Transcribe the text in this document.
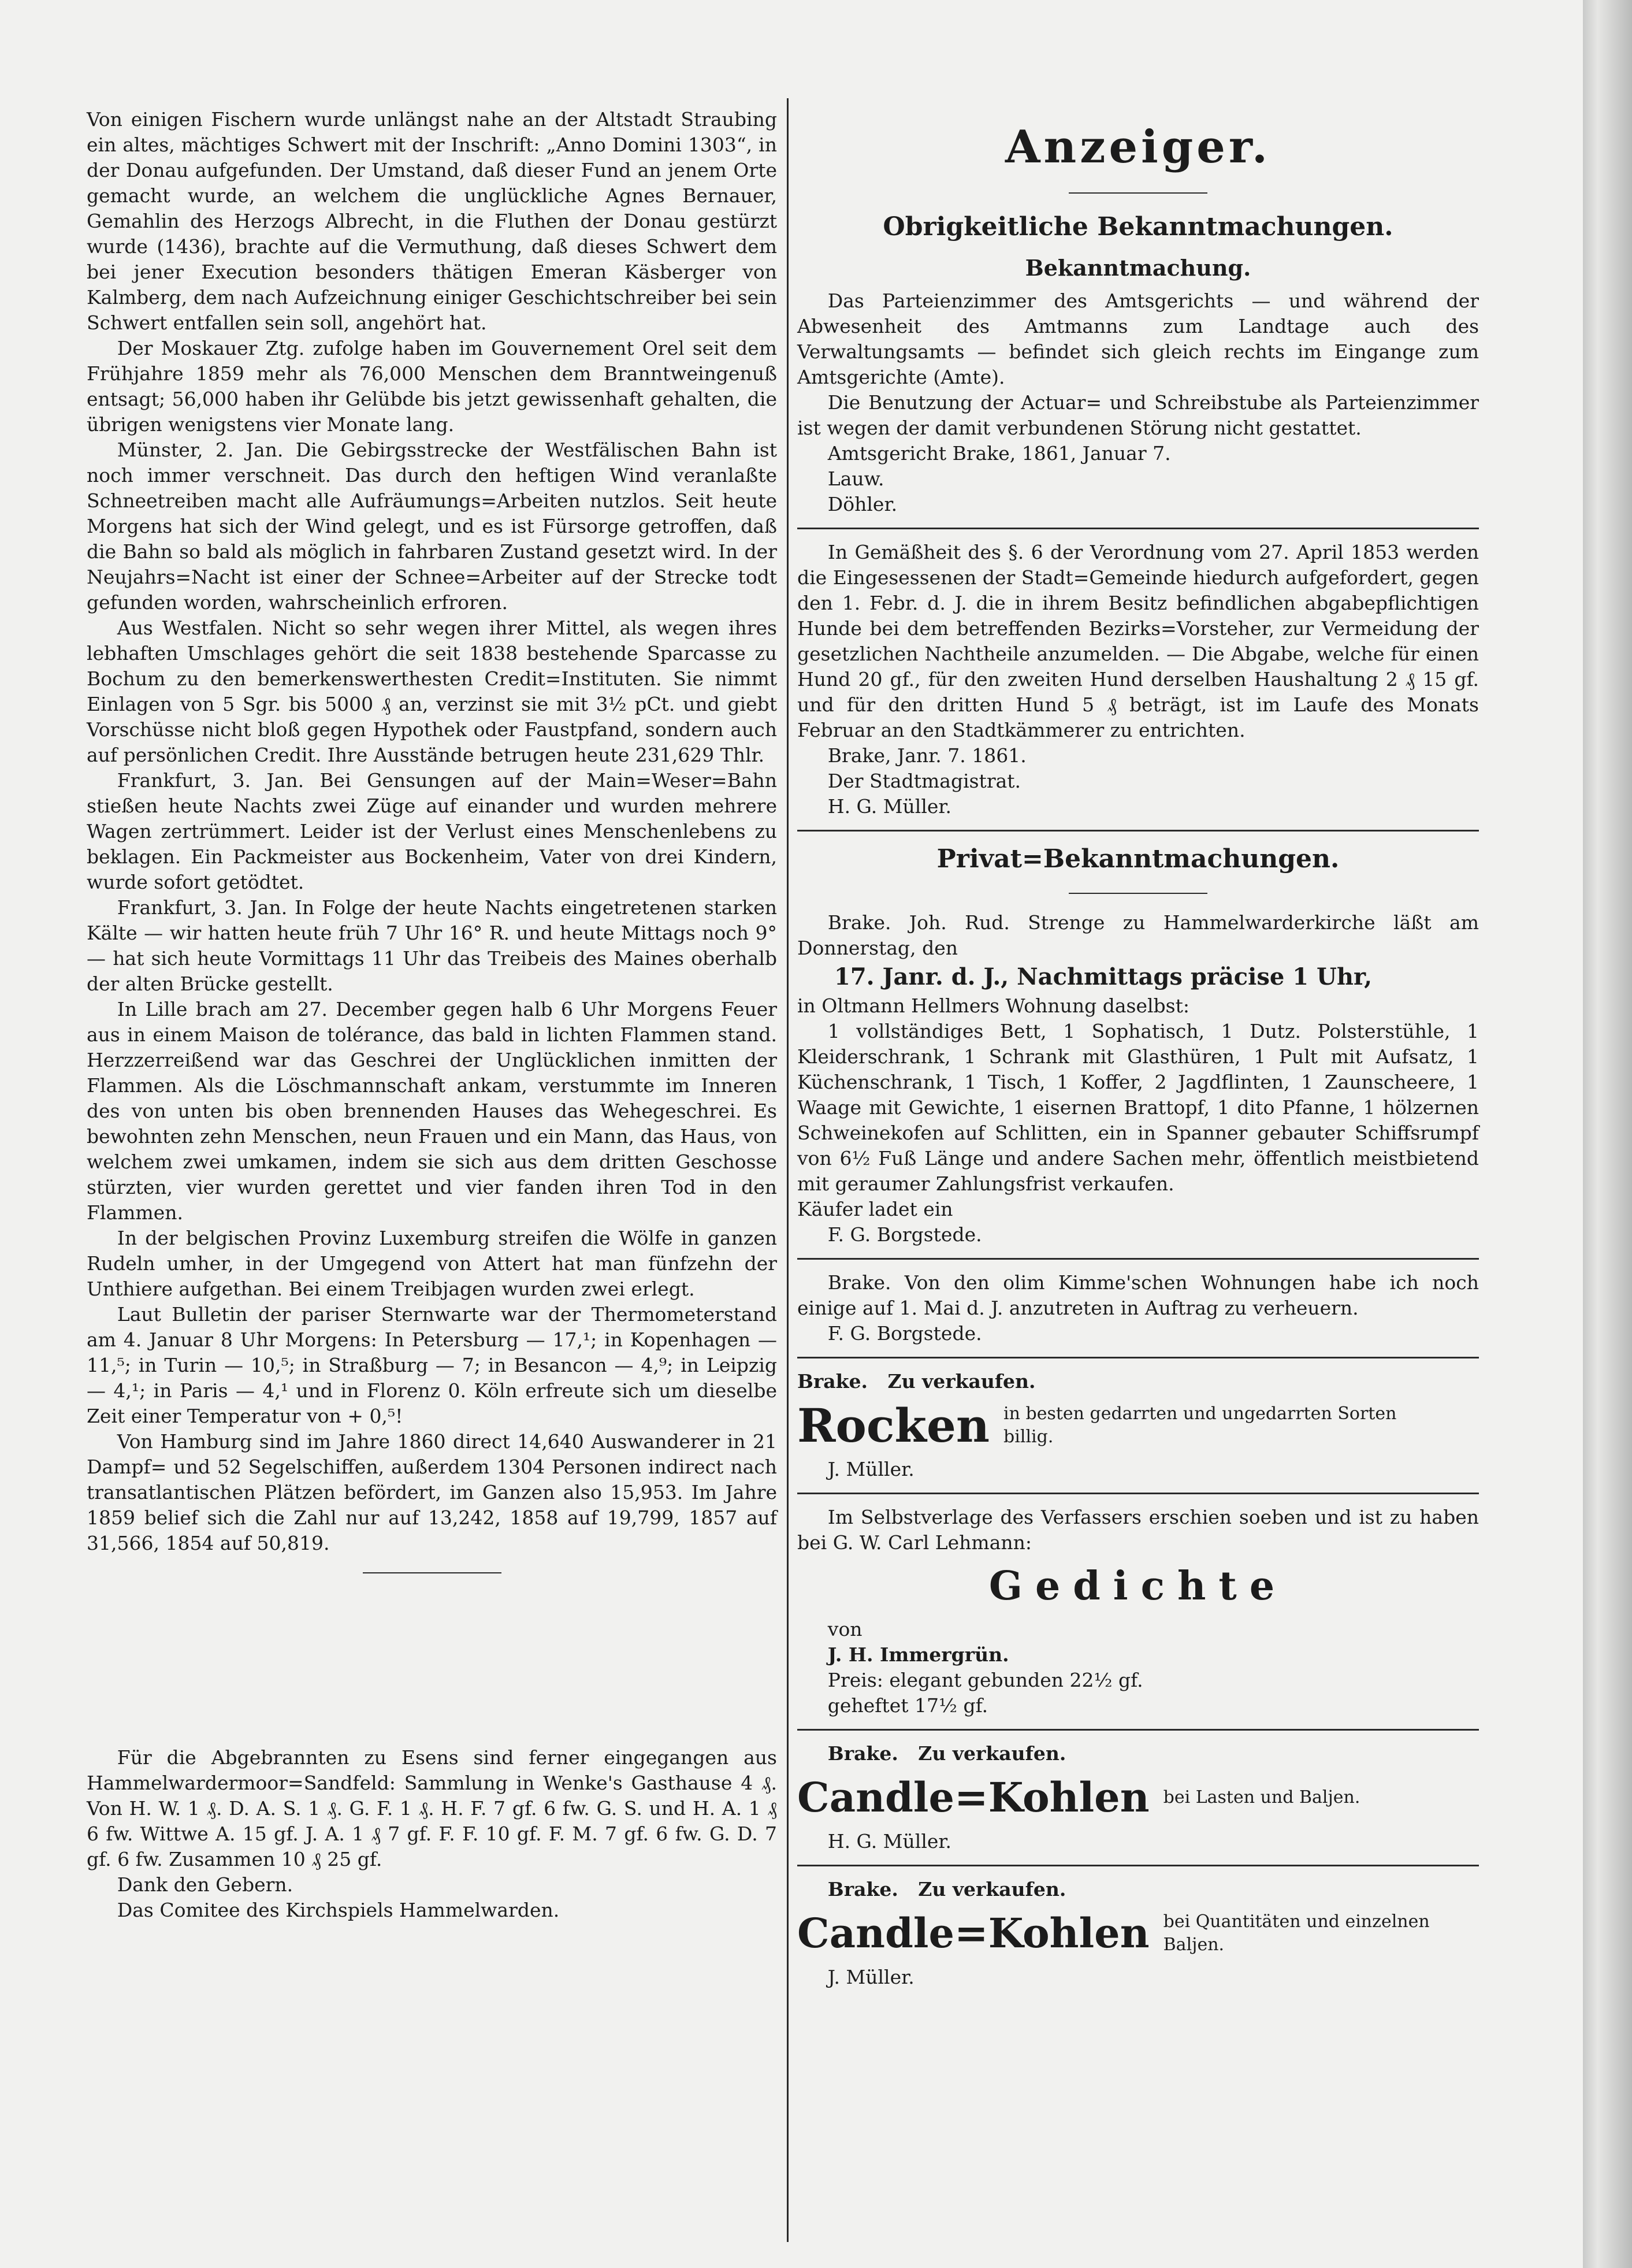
Von einigen Fischern wurde unlängst nahe an der Altstadt Straubing ein altes, mächtiges Schwert mit der Inschrift: „Anno Domini 1303“, in der Donau aufgefunden. Der Umstand, daß dieser Fund an jenem Orte gemacht wurde, an welchem die unglückliche Agnes Bernauer, Gemahlin des Herzogs Albrecht, in die Fluthen der Donau gestürzt wurde (1436), brachte auf die Vermuthung, daß dieses Schwert dem bei jener Execution besonders thätigen Emeran Käsberger von Kalmberg, dem nach Aufzeichnung einiger Geschichtschreiber bei sein Schwert entfallen sein soll, angehört hat.

Der Moskauer Ztg. zufolge haben im Gouvernement Orel seit dem Frühjahre 1859 mehr als 76,000 Menschen dem Branntweingenuß entsagt; 56,000 haben ihr Gelübde bis jetzt gewissenhaft gehalten, die übrigen wenigstens vier Monate lang.

Münster, 2. Jan. Die Gebirgsstrecke der Westfälischen Bahn ist noch immer verschneit. Das durch den heftigen Wind veranlaßte Schneetreiben macht alle Aufräumungs=Arbeiten nutzlos. Seit heute Morgens hat sich der Wind gelegt, und es ist Fürsorge getroffen, daß die Bahn so bald als möglich in fahrbaren Zustand gesetzt wird. In der Neujahrs=Nacht ist einer der Schnee=Arbeiter auf der Strecke todt gefunden worden, wahrscheinlich erfroren.

Aus Westfalen. Nicht so sehr wegen ihrer Mittel, als wegen ihres lebhaften Umschlages gehört die seit 1838 bestehende Sparcasse zu Bochum zu den bemerkenswerthesten Credit=Instituten. Sie nimmt Einlagen von 5 Sgr. bis 5000 ₰ an, verzinst sie mit 3½ pCt. und giebt Vorschüsse nicht bloß gegen Hypothek oder Faustpfand, sondern auch auf persönlichen Credit. Ihre Ausstände betrugen heute 231,629 Thlr.

Frankfurt, 3. Jan. Bei Gensungen auf der Main=Weser=Bahn stießen heute Nachts zwei Züge auf einander und wurden mehrere Wagen zertrümmert. Leider ist der Verlust eines Menschenlebens zu beklagen. Ein Packmeister aus Bockenheim, Vater von drei Kindern, wurde sofort getödtet.

Frankfurt, 3. Jan. In Folge der heute Nachts eingetretenen starken Kälte — wir hatten heute früh 7 Uhr 16° R. und heute Mittags noch 9° — hat sich heute Vormittags 11 Uhr das Treibeis des Maines oberhalb der alten Brücke gestellt.

In Lille brach am 27. December gegen halb 6 Uhr Morgens Feuer aus in einem Maison de tolérance, das bald in lichten Flammen stand. Herzzerreißend war das Geschrei der Unglücklichen inmitten der Flammen. Als die Löschmannschaft ankam, verstummte im Inneren des von unten bis oben brennenden Hauses das Wehegeschrei. Es bewohnten zehn Menschen, neun Frauen und ein Mann, das Haus, von welchem zwei umkamen, indem sie sich aus dem dritten Geschosse stürzten, vier wurden gerettet und vier fanden ihren Tod in den Flammen.

In der belgischen Provinz Luxemburg streifen die Wölfe in ganzen Rudeln umher, in der Umgegend von Attert hat man fünfzehn der Unthiere aufgethan. Bei einem Treibjagen wurden zwei erlegt.

Laut Bulletin der pariser Sternwarte war der Thermometerstand am 4. Januar 8 Uhr Morgens: In Petersburg — 17,¹; in Kopenhagen —11,⁵; in Turin — 10,⁵; in Straßburg — 7; in Besancon — 4,⁹; in Leipzig — 4,¹; in Paris — 4,¹ und in Florenz 0. Köln erfreute sich um dieselbe Zeit einer Temperatur von + 0,⁵!

Von Hamburg sind im Jahre 1860 direct 14,640 Auswanderer in 21 Dampf= und 52 Segelschiffen, außerdem 1304 Personen indirect nach transatlantischen Plätzen befördert, im Ganzen also 15,953. Im Jahre 1859 belief sich die Zahl nur auf 13,242, 1858 auf 19,799, 1857 auf 31,566, 1854 auf 50,819.

Für die Abgebrannten zu Esens sind ferner eingegangen aus Hammelwardermoor=Sandfeld: Sammlung in Wenke's Gasthause 4 ₰. Von H. W. 1 ₰. D. A. S. 1 ₰. G. F. 1 ₰. H. F. 7 gf. 6 fw. G. S. und H. A. 1 ₰ 6 fw. Wittwe A. 15 gf. J. A. 1 ₰ 7 gf. F. F. 10 gf. F. M. 7 gf. 6 fw. G. D. 7 gf. 6 fw. Zusammen 10 ₰ 25 gf.

Dank den Gebern.

Das Comitee des Kirchspiels Hammelwarden.

Anzeiger.
Obrigkeitliche Bekanntmachungen.
Bekanntmachung.

Das Parteienzimmer des Amtsgerichts — und während der Abwesenheit des Amtmanns zum Landtage auch des Verwaltungsamts — befindet sich gleich rechts im Eingange zum Amtsgerichte (Amte).

Die Benutzung der Actuar= und Schreibstube als Parteienzimmer ist wegen der damit verbundenen Störung nicht gestattet.

Amtsgericht Brake, 1861, Januar 7.

Lauw.

Döhler.

In Gemäßheit des §. 6 der Verordnung vom 27. April 1853 werden die Eingesessenen der Stadt=Gemeinde hiedurch aufgefordert, gegen den 1. Febr. d. J. die in ihrem Besitz befindlichen abgabepflichtigen Hunde bei dem betreffenden Bezirks=Vorsteher, zur Vermeidung der gesetzlichen Nachtheile anzumelden. — Die Abgabe, welche für einen Hund 20 gf., für den zweiten Hund derselben Haushaltung 2 ₰ 15 gf. und für den dritten Hund 5 ₰ beträgt, ist im Laufe des Monats Februar an den Stadtkämmerer zu entrichten.

Brake, Janr. 7. 1861.

Der Stadtmagistrat.

H. G. Müller.

Privat=Bekanntmachungen.

Brake. Joh. Rud. Strenge zu Hammelwarderkirche läßt am Donnerstag, den

17. Janr. d. J., Nachmittags präcise 1 Uhr,

in Oltmann Hellmers Wohnung daselbst:

1 vollständiges Bett, 1 Sophatisch, 1 Dutz. Polsterstühle, 1 Kleiderschrank, 1 Schrank mit Glasthüren, 1 Pult mit Aufsatz, 1 Küchenschrank, 1 Tisch, 1 Koffer, 2 Jagdflinten, 1 Zaunscheere, 1 Waage mit Gewichte, 1 eisernen Brattopf, 1 dito Pfanne, 1 hölzernen Schweinekofen auf Schlitten, ein in Spanner gebauter Schiffsrumpf von 6½ Fuß Länge und andere Sachen mehr, öffentlich meistbietend mit geraumer Zahlungsfrist verkaufen.

Käufer ladet ein

F. G. Borgstede.

Brake. Von den olim Kimme'schen Wohnungen habe ich noch einige auf 1. Mai d. J. anzutreten in Auftrag zu verheuern.

F. G. Borgstede.

Brake. Zu verkaufen.

Rocken in besten gedarrten und ungedarrten Sorten
billig.

J. Müller.

Im Selbstverlage des Verfassers erschien soeben und ist zu haben bei G. W. Carl Lehmann:

Gedichte

von

J. H. Immergrün.

Preis: elegant gebunden 22½ gf.

geheftet 17½ gf.

Brake. Zu verkaufen.

Candle=Kohlen bei Lasten und Baljen.

H. G. Müller.

Brake. Zu verkaufen.

Candle=Kohlen bei Quantitäten und einzelnen Baljen.

J. Müller.
